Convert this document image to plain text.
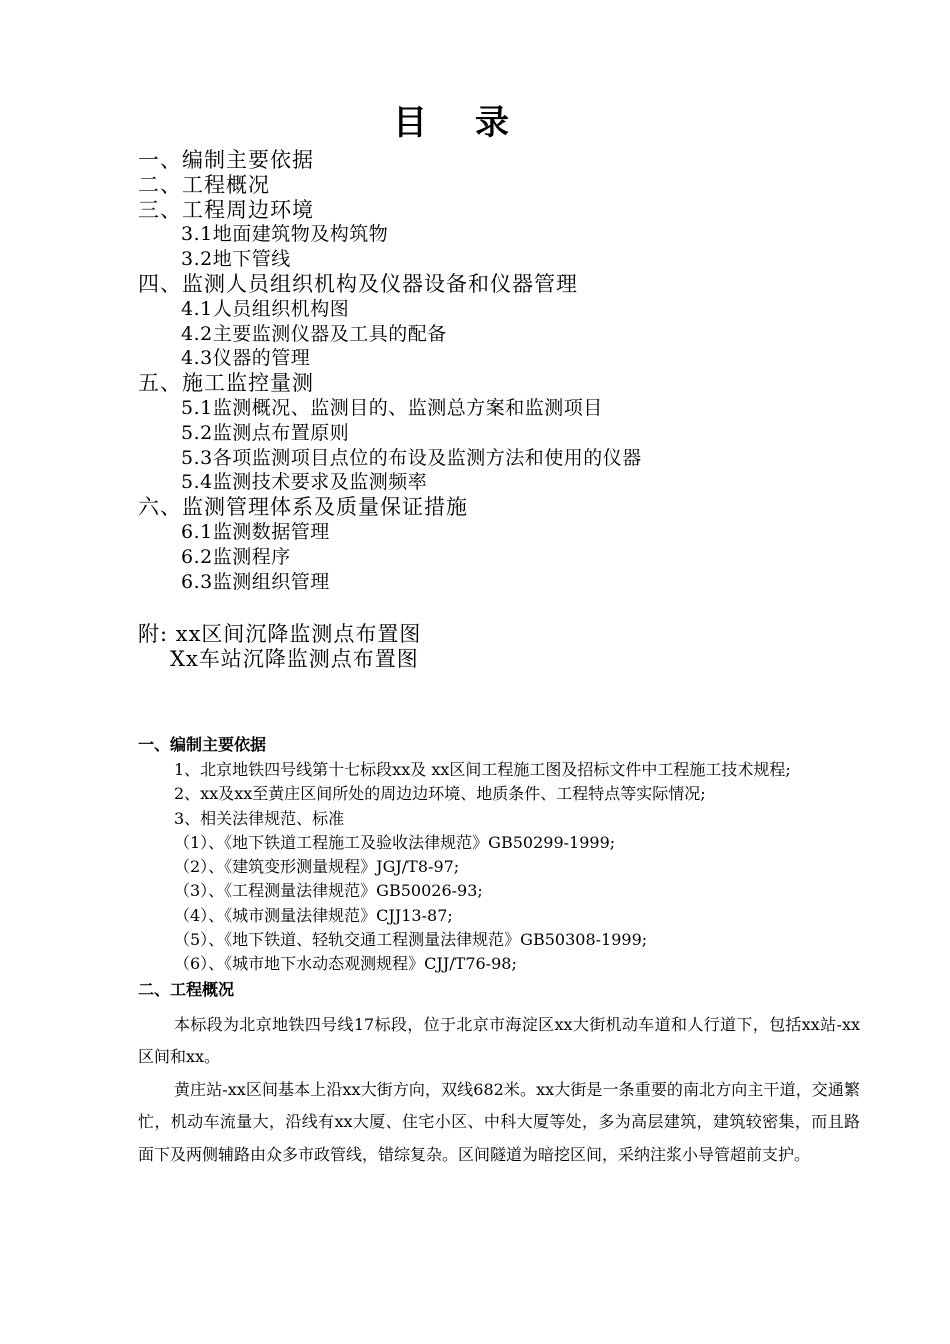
目录
一、编制主要依据
二、工程概况
三、工程周边环境
3.1地面建筑物及构筑物
3.2地下管线
四、监测人员组织机构及仪器设备和仪器管理
4.1人员组织机构图
4.2主要监测仪器及工具的配备
4.3仪器的管理
五、施工监控量测
5.1监测概况、监测目的、监测总方案和监测项目
5.2监测点布置原则
5.3各项监测项目点位的布设及监测方法和使用的仪器
5.4监测技术要求及监测频率
六、监测管理体系及质量保证措施
6.1监测数据管理
6.2监测程序
6.3监测组织管理
附: xx区间沉降监测点布置图
Xx车站沉降监测点布置图
一、编制主要依据
1、北京地铁四号线第十七标段xx及 xx区间工程施工图及招标文件中工程施工技术规程;
2、xx及xx至黄庄区间所处的周边边环境、地质条件、工程特点等实际情况;
3、相关法律规范、标准
（1）、《地下铁道工程施工及验收法律规范》GB50299-1999;
（2）、《建筑变形测量规程》JGJ/T8-97;
（3）、《工程测量法律规范》GB50026-93;
（4）、《城市测量法律规范》CJJ13-87;
（5）、《地下铁道、轻轨交通工程测量法律规范》GB50308-1999;
（6）、《城市地下水动态观测规程》CJJ/T76-98;
二、工程概况

本标段为北京地铁四号线17标段，位于北京市海淀区xx大街机动车道和人行道下，包括xx站-xx区间和xx。

黄庄站-xx区间基本上沿xx大街方向，双线682米。xx大街是一条重要的南北方向主干道，交通繁忙，机动车流量大，沿线有xx大厦、住宅小区、中科大厦等处，多为高层建筑，建筑较密集，而且路面下及两侧辅路由众多市政管线，错综复杂。区间隧道为暗挖区间，采纳注浆小导管超前支护。
